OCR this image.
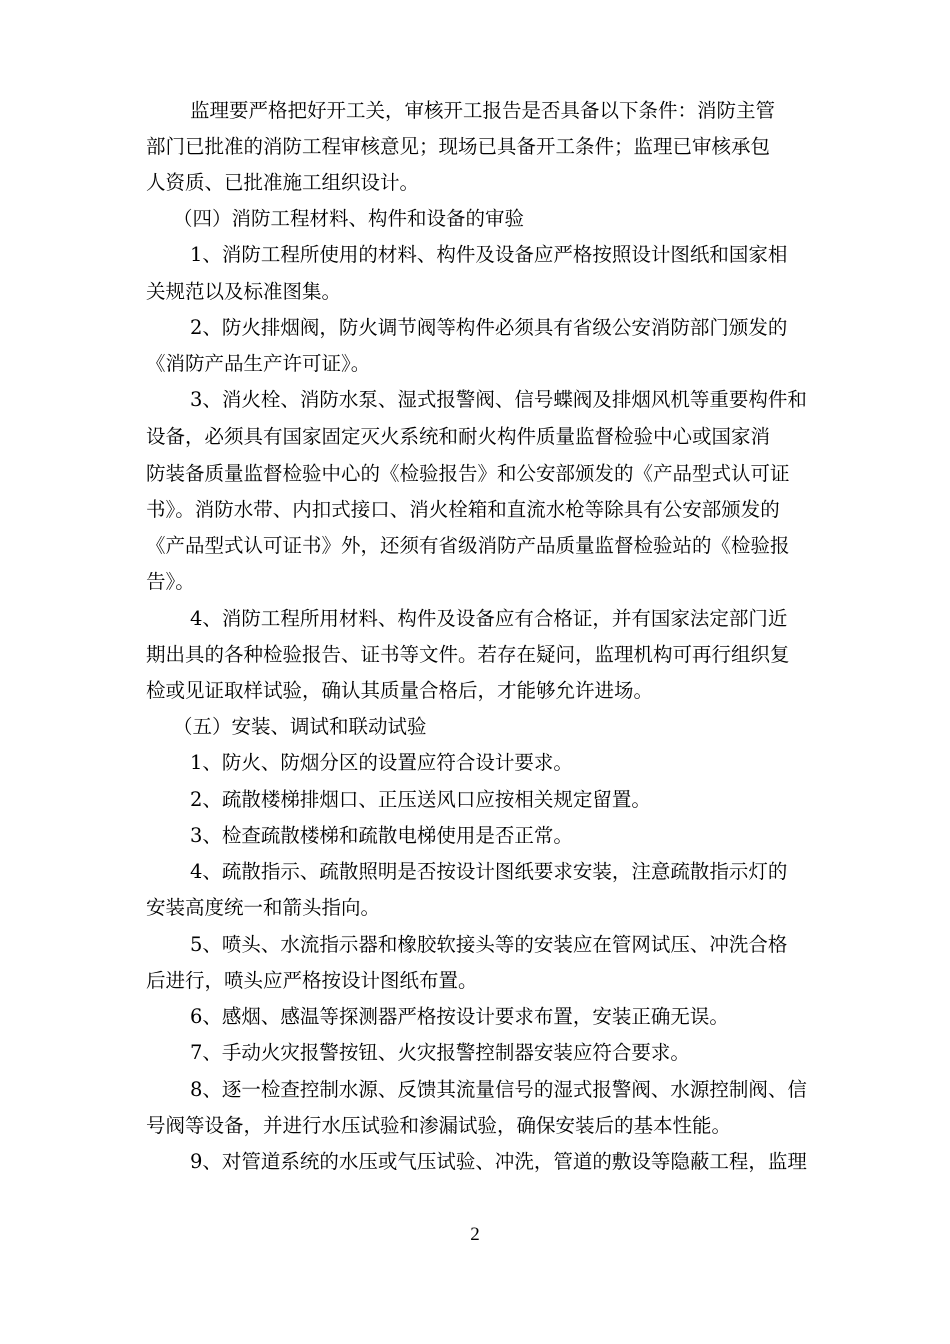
监理要严格把好开工关，审核开工报告是否具备以下条件：消防主管
部门已批准的消防工程审核意见；现场已具备开工条件；监理已审核承包
人资质、已批准施工组织设计。
（四）消防工程材料、构件和设备的审验
1、消防工程所使用的材料、构件及设备应严格按照设计图纸和国家相
关规范以及标准图集。
2、防火排烟阀，防火调节阀等构件必须具有省级公安消防部门颁发的
《消防产品生产许可证》。
3、消火栓、消防水泵、湿式报警阀、信号蝶阀及排烟风机等重要构件和
设备，必须具有国家固定灭火系统和耐火构件质量监督检验中心或国家消
防装备质量监督检验中心的《检验报告》和公安部颁发的《产品型式认可证
书》。消防水带、内扣式接口、消火栓箱和直流水枪等除具有公安部颁发的
《产品型式认可证书》外，还须有省级消防产品质量监督检验站的《检验报
告》。
4、消防工程所用材料、构件及设备应有合格证，并有国家法定部门近
期出具的各种检验报告、证书等文件。若存在疑问，监理机构可再行组织复
检或见证取样试验，确认其质量合格后，才能够允许进场。
（五）安装、调试和联动试验
1、防火、防烟分区的设置应符合设计要求。
2、疏散楼梯排烟口、正压送风口应按相关规定留置。
3、检查疏散楼梯和疏散电梯使用是否正常。
4、疏散指示、疏散照明是否按设计图纸要求安装，注意疏散指示灯的
安装高度统一和箭头指向。
5、喷头、水流指示器和橡胶软接头等的安装应在管网试压、冲洗合格
后进行，喷头应严格按设计图纸布置。
6、感烟、感温等探测器严格按设计要求布置，安装正确无误。
7、手动火灾报警按钮、火灾报警控制器安装应符合要求。
8、逐一检查控制水源、反馈其流量信号的湿式报警阀、水源控制阀、信
号阀等设备，并进行水压试验和渗漏试验，确保安装后的基本性能。
9、对管道系统的水压或气压试验、冲洗，管道的敷设等隐蔽工程，监理
2
